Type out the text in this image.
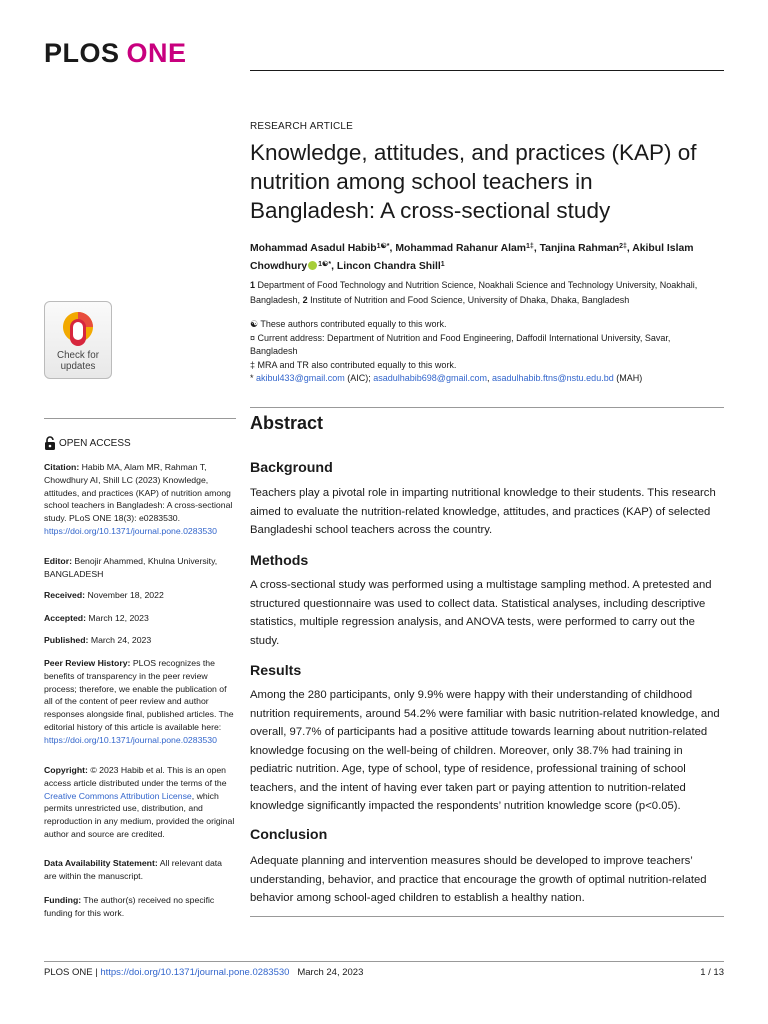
PLOS ONE
RESEARCH ARTICLE
Knowledge, attitudes, and practices (KAP) of nutrition among school teachers in Bangladesh: A cross-sectional study
Mohammad Asadul Habib$^{1☯*}$, Mohammad Rahanur Alam$^{1\ddagger}$, Tanjina Rahman$^{2\ddagger}$, Akibul Islam Chowdhury $^{1☯*}$, Lincon Chandra Shill$^1$
1 Department of Food Technology and Nutrition Science, Noakhali Science and Technology University, Noakhali, Bangladesh, 2 Institute of Nutrition and Food Science, University of Dhaka, Dhaka, Bangladesh
☯ These authors contributed equally to this work.
¤ Current address: Department of Nutrition and Food Engineering, Daffodil International University, Savar, Bangladesh
‡ MRA and TR also contributed equally to this work.
* akibul433@gmail.com (AIC); asadulhabib698@gmail.com, asadulhabib.ftns@nstu.edu.bd (MAH)
Abstract
Background

Teachers play a pivotal role in imparting nutritional knowledge to their students. This research aimed to evaluate the nutrition-related knowledge, attitudes, and practices (KAP) of selected Bangladeshi school teachers across the country.

Methods

A cross-sectional study was performed using a multistage sampling method. A pretested and structured questionnaire was used to collect data. Statistical analyses, including descriptive statistics, multiple regression analysis, and ANOVA tests, were performed to carry out the study.

Results

Among the 280 participants, only 9.9% were happy with their understanding of childhood nutrition requirements, around 54.2% were familiar with basic nutrition-related knowledge, and overall, 97.7% of participants had a positive attitude towards learning about nutrition-related knowledge focusing on the well-being of children. Moreover, only 38.7% had training in pediatric nutrition. Age, type of school, type of residence, professional training of school teachers, and the intent of having ever taken part or paying attention to nutrition-related knowledge significantly impacted the respondents’ nutrition knowledge score (p<0.05).

Conclusion

Adequate planning and intervention measures should be developed to improve teachers’ understanding, behavior, and practice that encourage the growth of optimal nutrition-related behavior among school-aged children to establish a healthy nation.

Check for
updates
OPEN ACCESS
Citation: Habib MA, Alam MR, Rahman T, Chowdhury AI, Shill LC (2023) Knowledge, attitudes, and practices (KAP) of nutrition among school teachers in Bangladesh: A cross-sectional study. PLoS ONE 18(3): e0283530. https://doi.org/10.1371/journal.pone.0283530
Editor: Benojir Ahammed, Khulna University, BANGLADESH
Received: November 18, 2022
Accepted: March 12, 2023
Published: March 24, 2023
Peer Review History: PLOS recognizes the benefits of transparency in the peer review process; therefore, we enable the publication of all of the content of peer review and author responses alongside final, published articles. The editorial history of this article is available here: https://doi.org/10.1371/journal.pone.0283530
Copyright: © 2023 Habib et al. This is an open access article distributed under the terms of the Creative Commons Attribution License, which permits unrestricted use, distribution, and reproduction in any medium, provided the original author and source are credited.
Data Availability Statement: All relevant data are within the manuscript.
Funding: The author(s) received no specific funding for this work.
PLOS ONE | https://doi.org/10.1371/journal.pone.0283530 March 24, 2023	1 / 13
